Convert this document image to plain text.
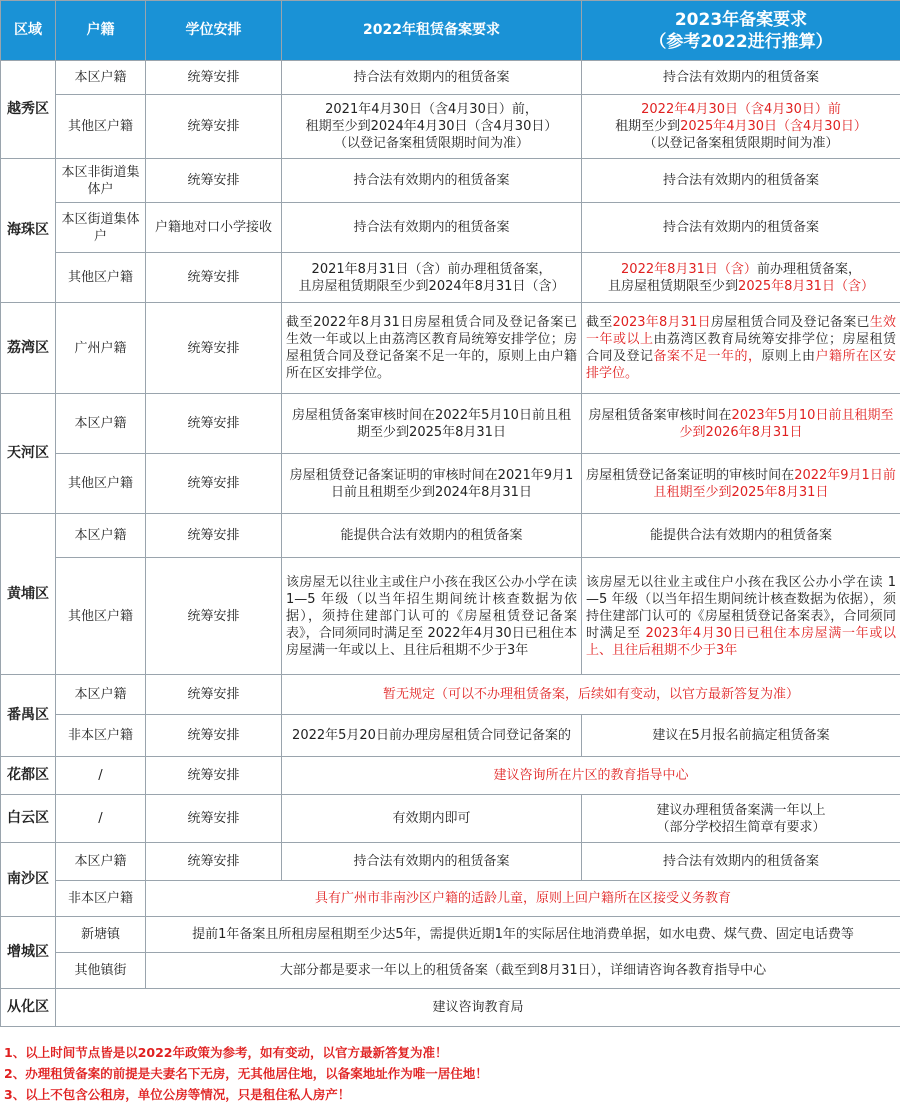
区域	户籍	学位安排	2022年租赁备案要求	2023年备案要求
（参考2022进行推算）

越秀区	本区户籍	统筹安排	持合法有效期内的租赁备案	持合法有效期内的租赁备案
	其他区户籍	统筹安排	2021年4月30日（含4月30日）前，
租期至少到2024年4月30日（含4月30日）
（以登记备案租赁限期时间为准）	2022年4月30日（含4月30日）前
租期至少到2025年4月30日（含4月30日）
（以登记备案租赁限期时间为准）

海珠区	本区非街道集体户	统筹安排	持合法有效期内的租赁备案	持合法有效期内的租赁备案
	本区街道集体户	户籍地对口小学接收	持合法有效期内的租赁备案	持合法有效期内的租赁备案
	其他区户籍	统筹安排	2021年8月31日（含）前办理租赁备案，
且房屋租赁期限至少到2024年8月31日（含）	2022年8月31日（含）前办理租赁备案，
且房屋租赁期限至少到2025年8月31日（含）

荔湾区	广州户籍	统筹安排	截至2022年8月31日房屋租赁合同及登记备案已生效一年或以上由荔湾区教育局统筹安排学位；房屋租赁合同及登记备案不足一年的，原则上由户籍所在区安排学位。	截至2023年8月31日房屋租赁合同及登记备案已生效一年或以上由荔湾区教育局统筹安排学位；房屋租赁合同及登记备案不足一年的，原则上由户籍所在区安排学位。
天河区	本区户籍	统筹安排	房屋租赁备案审核时间在2022年5月10日前且租期至少到2025年8月31日	房屋租赁备案审核时间在2023年5月10日前且租期至少到2026年8月31日
	其他区户籍	统筹安排	房屋租赁登记备案证明的审核时间在2021年9月1日前且租期至少到2024年8月31日	房屋租赁登记备案证明的审核时间在2022年9月1日前且租期至少到2025年8月31日
黄埔区	本区户籍	统筹安排	能提供合法有效期内的租赁备案	能提供合法有效期内的租赁备案
	其他区户籍	统筹安排	该房屋无以往业主或住户小孩在我区公办小学在读 1—5 年级（以当年招生期间统计核查数据为依据），须持住建部门认可的《房屋租赁登记备案表》，合同须同时满足至 2022年4月30日已租住本房屋满一年或以上、且往后租期不少于3年	该房屋无以往业主或住户小孩在我区公办小学在读 1—5 年级（以当年招生期间统计核查数据为依据），须持住建部门认可的《房屋租赁登记备案表》，合同须同时满足至 2023年4月30日已租住本房屋满一年或以上、且往后租期不少于3年
番禺区	本区户籍	统筹安排	暂无规定（可以不办理租赁备案，后续如有变动，以官方最新答复为准）	
	非本区户籍	统筹安排	2022年5月20日前办理房屋租赁合同登记备案的	建议在5月报名前搞定租赁备案
花都区	/	统筹安排	建议咨询所在片区的教育指导中心	
白云区	/	统筹安排	有效期内即可	建议办理租赁备案满一年以上
（部分学校招生简章有要求）

南沙区	本区户籍	统筹安排	持合法有效期内的租赁备案	持合法有效期内的租赁备案
	非本区户籍	具有广州市非南沙区户籍的适龄儿童，原则上回户籍所在区接受义务教育		
增城区	新塘镇	提前1年备案且所租房屋租期至少达5年，需提供近期1年的实际居住地消费单据，如水电费、煤气费、固定电话费等		
	其他镇街	大部分都是要求一年以上的租赁备案（截至到8月31日），详细请咨询各教育指导中心		
从化区	建议咨询教育局			
1、以上时间节点皆是以2022年政策为参考，如有变动，以官方最新答复为准！
2、办理租赁备案的前提是夫妻名下无房，无其他居住地，以备案地址作为唯一居住地！
3、以上不包含公租房，单位公房等情况，只是租住私人房产！
